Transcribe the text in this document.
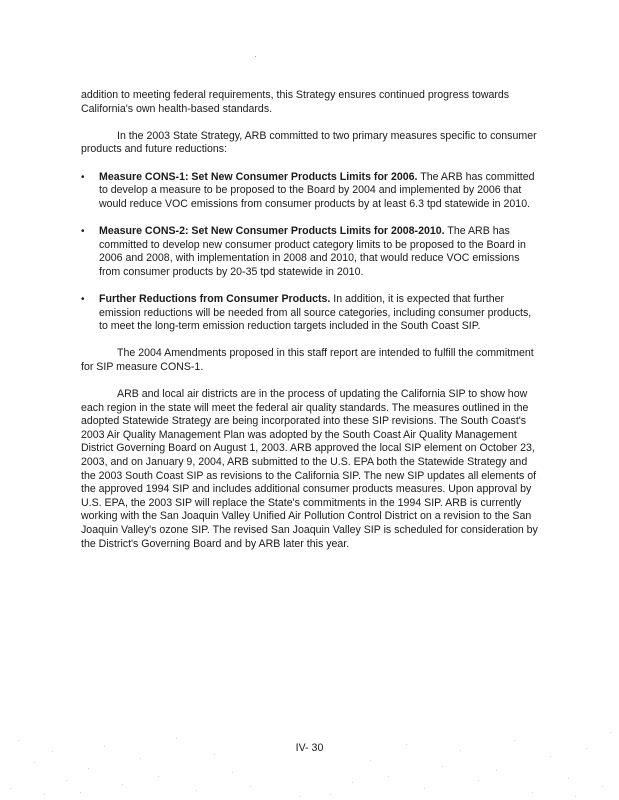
addition to meeting federal requirements, this Strategy ensures continued progress towards California's own health-based standards.

In the 2003 State Strategy, ARB committed to two primary measures specific to consumer products and future reductions:

• Measure CONS-1: Set New Consumer Products Limits for 2006. The ARB has committed to develop a measure to be proposed to the Board by 2004 and implemented by 2006 that would reduce VOC emissions from consumer products by at least 6.3 tpd statewide in 2010.
• Measure CONS-2: Set New Consumer Products Limits for 2008-2010. The ARB has committed to develop new consumer product category limits to be proposed to the Board in 2006 and 2008, with implementation in 2008 and 2010, that would reduce VOC emissions from consumer products by 20-35 tpd statewide in 2010.
• Further Reductions from Consumer Products. In addition, it is expected that further emission reductions will be needed from all source categories, including consumer products, to meet the long-term emission reduction targets included in the South Coast SIP.

The 2004 Amendments proposed in this staff report are intended to fulfill the commitment for SIP measure CONS-1.

ARB and local air districts are in the process of updating the California SIP to show how each region in the state will meet the federal air quality standards. The measures outlined in the adopted Statewide Strategy are being incorporated into these SIP revisions. The South Coast's 2003 Air Quality Management Plan was adopted by the South Coast Air Quality Management District Governing Board on August 1, 2003. ARB approved the local SIP element on October 23, 2003, and on January 9, 2004, ARB submitted to the U.S. EPA both the Statewide Strategy and the 2003 South Coast SIP as revisions to the California SIP. The new SIP updates all elements of the approved 1994 SIP and includes additional consumer products measures. Upon approval by U.S. EPA, the 2003 SIP will replace the State's commitments in the 1994 SIP. ARB is currently working with the San Joaquin Valley Unified Air Pollution Control District on a revision to the San Joaquin Valley's ozone SIP. The revised San Joaquin Valley SIP is scheduled for consideration by the District's Governing Board and by ARB later this year.

IV- 30
